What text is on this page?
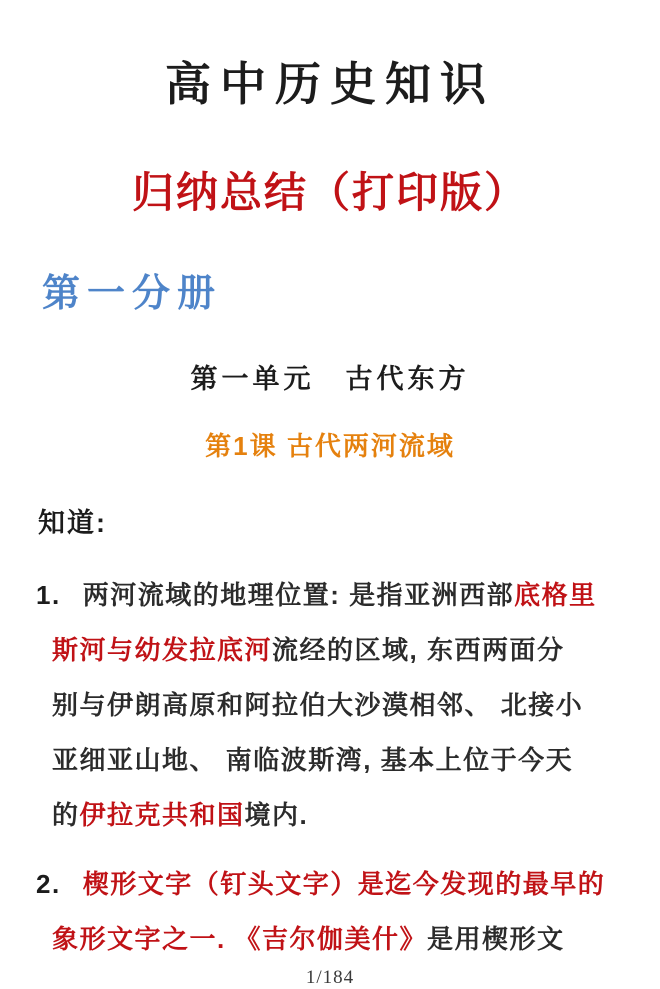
高中历史知识
归纳总结（打印版）
第一分册
第一单元　古代东方
第1课 古代两河流域
知道:
1. 两河流域的地理位置: 是指亚洲西部底格里
斯河与幼发拉底河流经的区域, 东西两面分
别与伊朗高原和阿拉伯大沙漠相邻、 北接小
亚细亚山地、 南临波斯湾, 基本上位于今天
的伊拉克共和国境内.
2. 楔形文字（钉头文字）是迄今发现的最早的
象形文字之一. 《吉尔伽美什》是用楔形文
1/184
